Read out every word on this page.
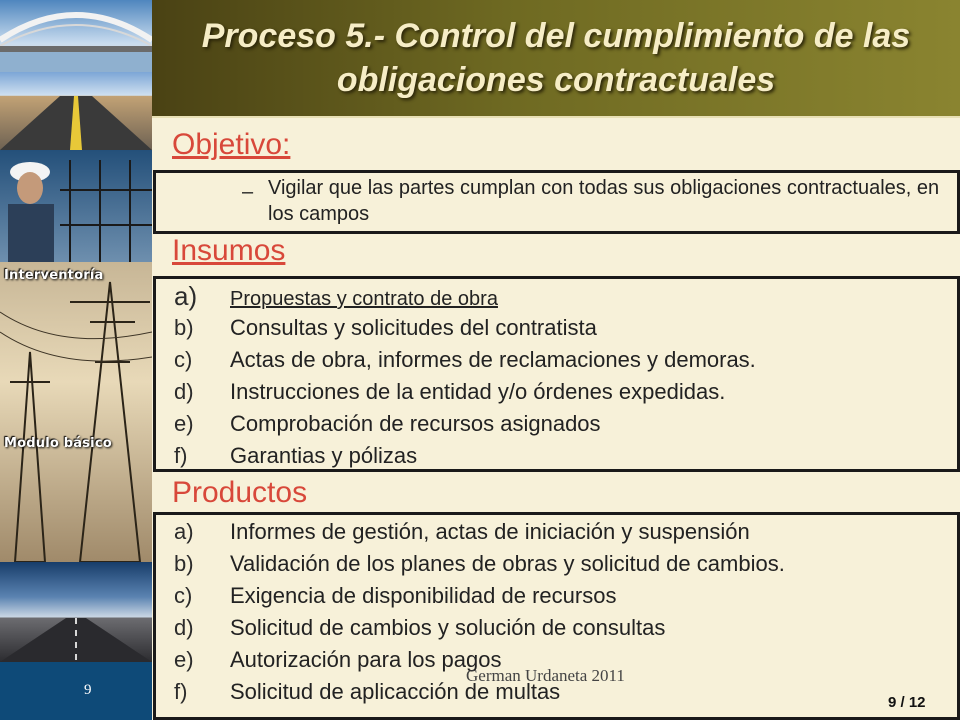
Interventoría
Modulo básico
9
Proceso 5.- Control del cumplimiento de las obligaciones contractuales
Objetivo:
– Vigilar que las partes cumplan con todas sus obligaciones contractuales, en los campos
Insumos
a)Propuestas y contrato de obra
b) Consultas y solicitudes del contratista
c) Actas de obra, informes de reclamaciones y demoras.
d) Instrucciones de la entidad y/o órdenes expedidas.
e) Comprobación de recursos asignados
f) Garantias y pólizas
Productos
a) Informes de gestión, actas de iniciación y suspensión
b) Validación de los planes de obras y solicitud de cambios.
c) Exigencia de disponibilidad de recursos
d) Solicitud de cambios y solución de consultas
e) Autorización para los pagos
f) Solicitud de aplicacción de multas
German Urdaneta 2011
9 / 12
